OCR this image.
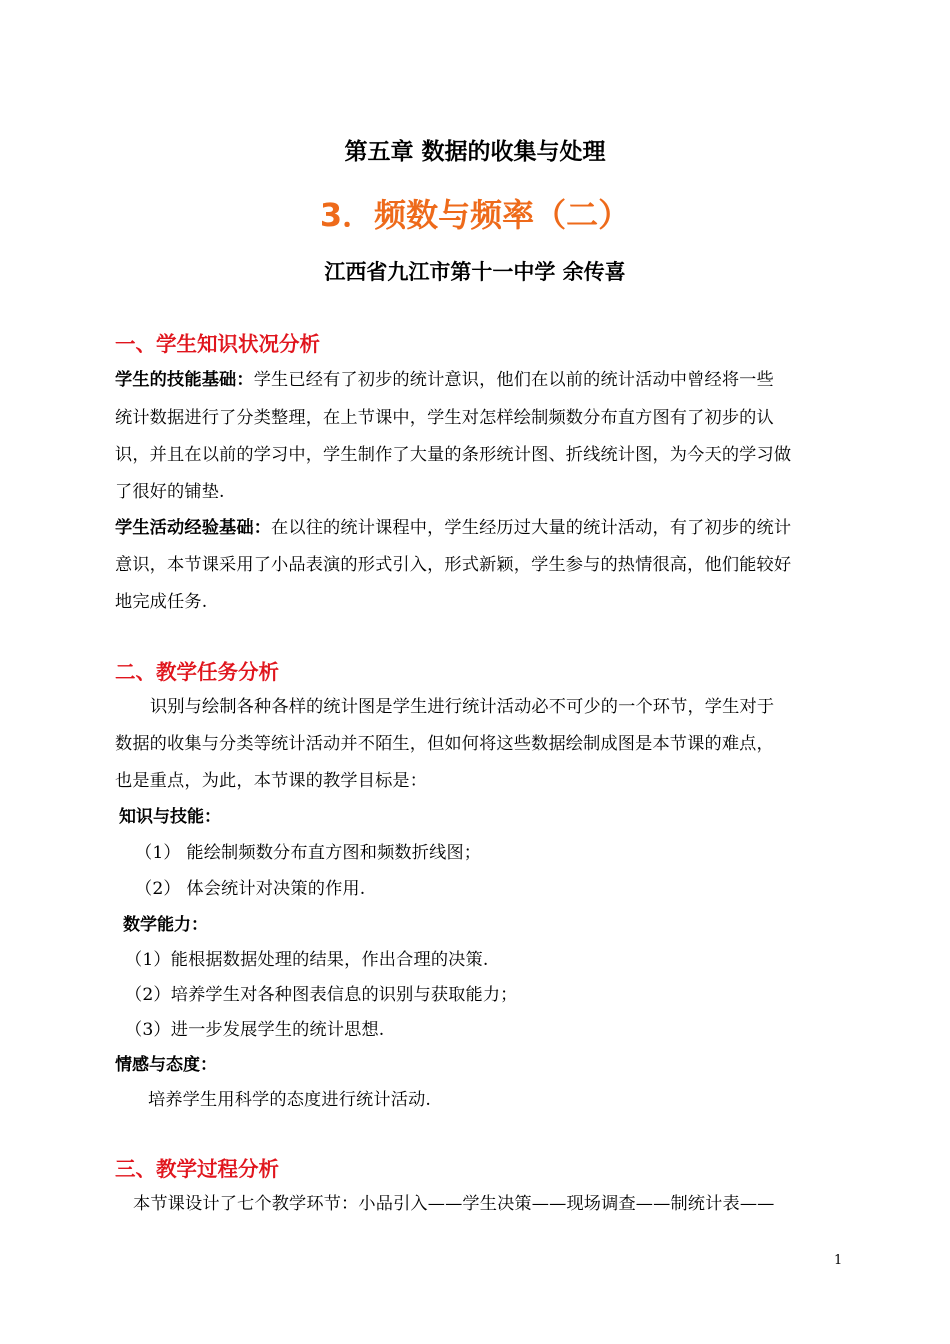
第五章 数据的收集与处理
3．频数与频率（二）
江西省九江市第十一中学 余传喜
一、学生知识状况分析
学生的技能基础：学生已经有了初步的统计意识，他们在以前的统计活动中曾经将一些
统计数据进行了分类整理，在上节课中，学生对怎样绘制频数分布直方图有了初步的认
识，并且在以前的学习中，学生制作了大量的条形统计图、折线统计图，为今天的学习做
了很好的铺垫.
学生活动经验基础：在以往的统计课程中，学生经历过大量的统计活动，有了初步的统计
意识，本节课采用了小品表演的形式引入，形式新颖，学生参与的热情很高，他们能较好
地完成任务.
二、教学任务分析
识别与绘制各种各样的统计图是学生进行统计活动必不可少的一个环节，学生对于
数据的收集与分类等统计活动并不陌生，但如何将这些数据绘制成图是本节课的难点，
也是重点，为此，本节课的教学目标是：
知识与技能：
（1） 能绘制频数分布直方图和频数折线图；
（2） 体会统计对决策的作用.
数学能力：
（1）能根据数据处理的结果，作出合理的决策.
（2）培养学生对各种图表信息的识别与获取能力；
（3）进一步发展学生的统计思想.
情感与态度：
培养学生用科学的态度进行统计活动.
三、教学过程分析
本节课设计了七个教学环节：小品引入——学生决策——现场调查——制统计表——
1
